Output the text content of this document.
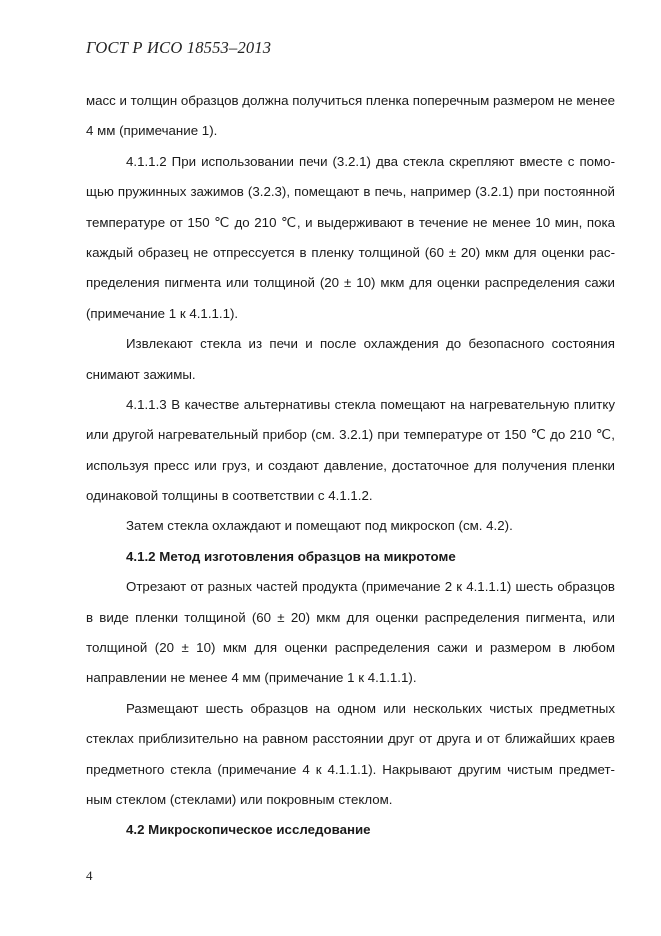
ГОСТ Р ИСО 18553–2013
масс и толщин образцов должна получиться пленка поперечным размером не менее
4 мм (примечание 1).
4.1.1.2 При использовании печи (3.2.1) два стекла скрепляют вместе с помо-
щью пружинных зажимов (3.2.3), помещают в печь, например (3.2.1) при постоянной
температуре от 150 ℃ до 210 ℃, и выдерживают в течение не менее 10 мин, пока
каждый образец не отпрессуется в пленку толщиной (60 ± 20) мкм для оценки рас-
пределения пигмента или толщиной (20 ± 10) мкм для оценки распределения сажи
(примечание 1 к 4.1.1.1).
Извлекают стекла из печи и после охлаждения до безопасного состояния
снимают зажимы.
4.1.1.3 В качестве альтернативы стекла помещают на нагревательную плитку
или другой нагревательный прибор (см. 3.2.1) при температуре от 150 ℃ до 210 ℃,
используя пресс или груз, и создают давление, достаточное для получения пленки
одинаковой толщины в соответствии с 4.1.1.2.
Затем стекла охлаждают и помещают под микроскоп (см. 4.2).
4.1.2 Метод изготовления образцов на микротоме
Отрезают от разных частей продукта (примечание 2 к 4.1.1.1) шесть образцов
в виде пленки толщиной (60 ± 20) мкм для оценки распределения пигмента, или
толщиной (20 ± 10) мкм для оценки распределения сажи и размером в любом
направлении не менее 4 мм (примечание 1 к 4.1.1.1).
Размещают шесть образцов на одном или нескольких чистых предметных
стеклах приблизительно на равном расстоянии друг от друга и от ближайших краев
предметного стекла (примечание 4 к 4.1.1.1). Накрывают другим чистым предмет-
ным стеклом (стеклами) или покровным стеклом.
4.2 Микроскопическое исследование
4
